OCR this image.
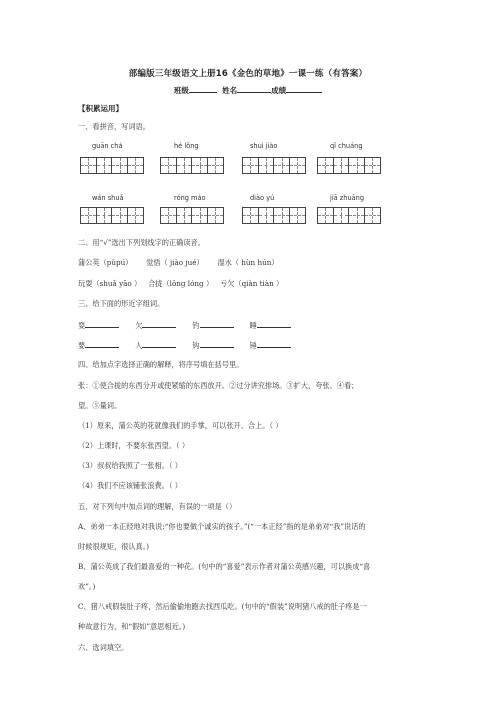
部编版三年级语文上册16《金色的草地》一课一练（有答案）
班级	姓名	成绩
【积累运用】
一、看拼音，写词语。
guān chá	hé lǒng	shuì jiào	qǐ chuáng
wán shuǎ	róng máo	diào yú	jiā zhuāng
二、用“√”选出下列划线字的正确读音。
蒲公英（pǔpú） 觉悟（ jiào jué） 湿水（ hùn hún）
玩耍（shuǎ yāo ） 合拢（lǒng lóng ） 亏欠（qiàn tiàn ）
三、给下面的形近字组词。
耍	欠	钓	睡
要	人	钩	锤
四、给加点字选择正确的解释，将序号填在括号里。
张：①使合拢的东西分开或使紧缩的东西放开。②过分讲究排场。③扩大，夸张。④看；
望。⑤量词。
（1）原来，蒲公英的花就像我们的手掌，可以张开、合上。（ ）
（2）上课时，不要东张西望。（ ）
（3）叔叔给我照了一张相。（ ）
（4）我们不应该铺张浪费。（ ）
五、对下列句中加点词的理解，有误的一项是（）
A、弟弟一本正经地对我说:“你也要做个诚实的孩子。”(“一本正经”指的是弟弟对“我”说话的
时候很规矩，很认真。)
B、蒲公英成了我们最喜爱的一种花。(句中的“喜爱”表示作者对蒲公英感兴趣，可以换成“喜
欢”。)
C、猪八戒假装肚子疼，然后偷偷地跑去找西瓜吃。(句中的“假装”说明猪八戒的肚子疼是一
种故意行为，和“假如”意思相近。)
六、选词填空。
